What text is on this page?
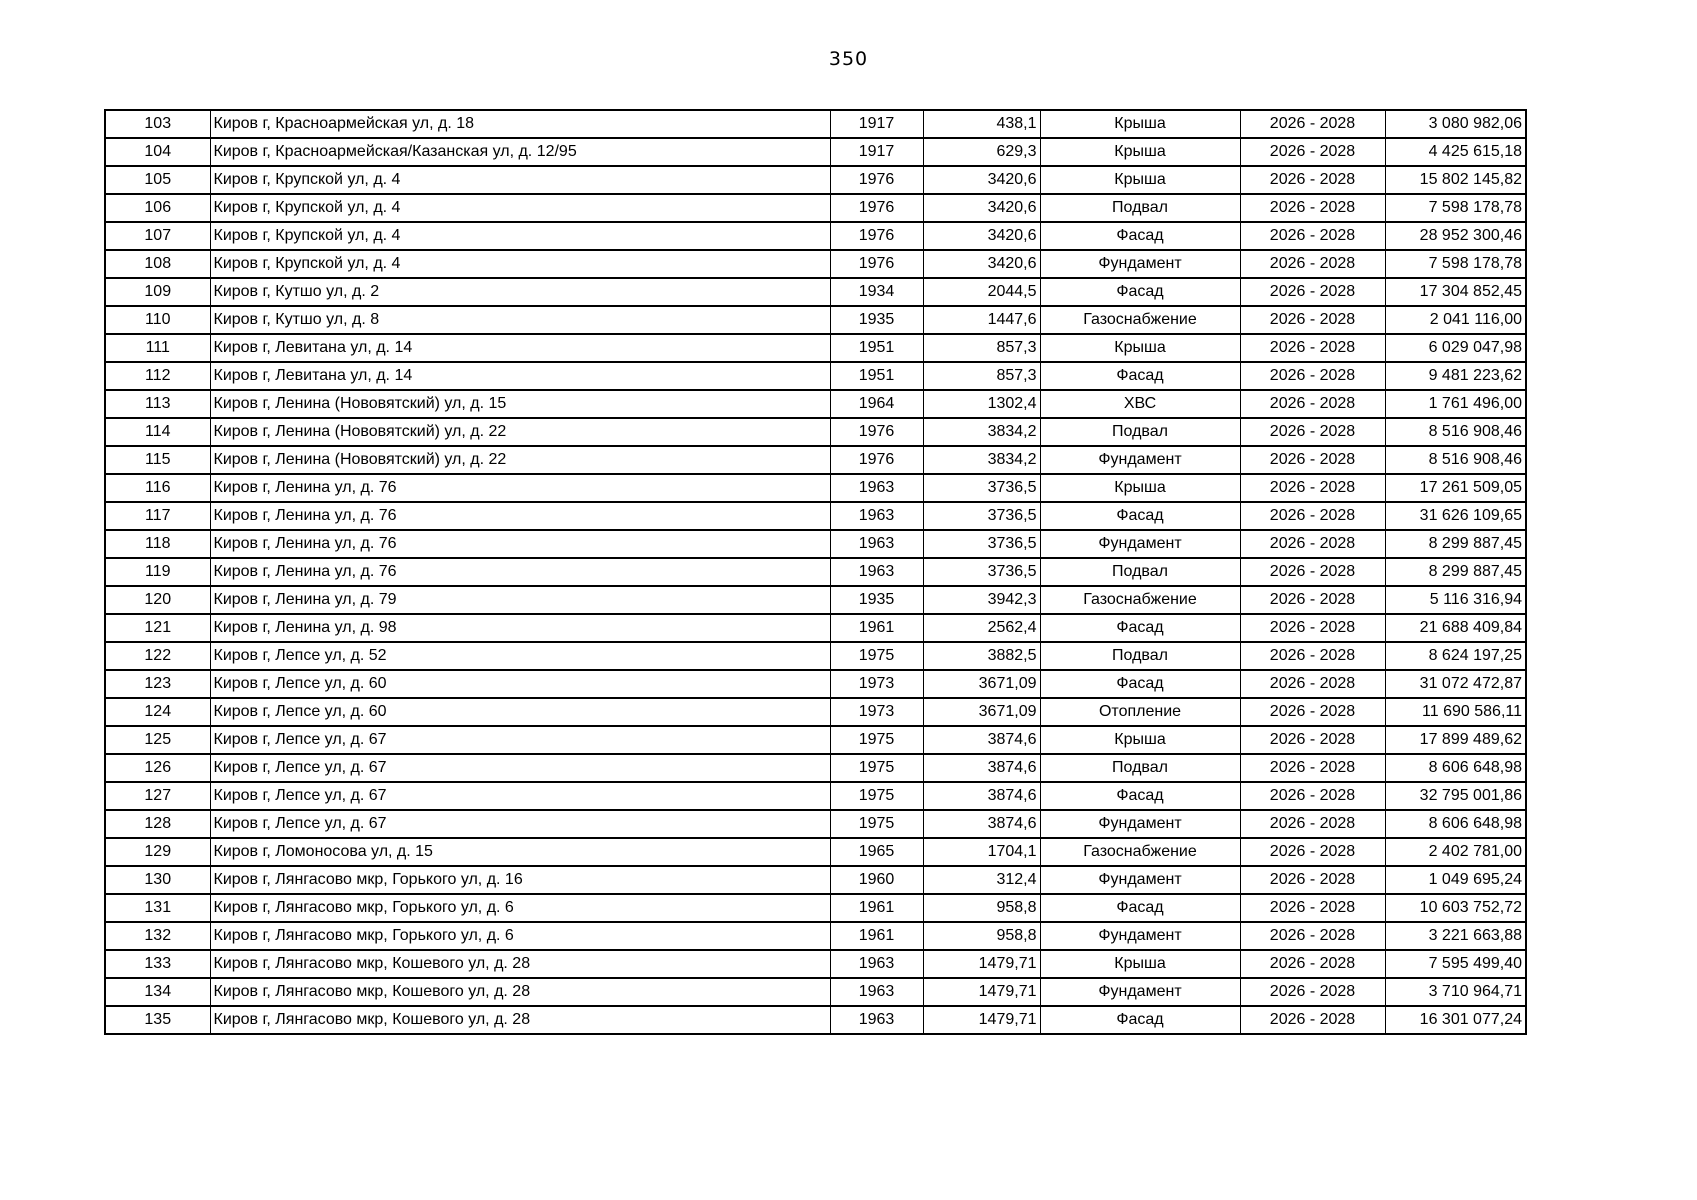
350
103	Киров г, Красноармейская ул, д. 18	1917	438,1	Крыша	2026 - 2028	3 080 982,06
104	Киров г, Красноармейская/Казанская ул, д. 12/95	1917	629,3	Крыша	2026 - 2028	4 425 615,18
105	Киров г, Крупской ул, д. 4	1976	3420,6	Крыша	2026 - 2028	15 802 145,82
106	Киров г, Крупской ул, д. 4	1976	3420,6	Подвал	2026 - 2028	7 598 178,78
107	Киров г, Крупской ул, д. 4	1976	3420,6	Фасад	2026 - 2028	28 952 300,46
108	Киров г, Крупской ул, д. 4	1976	3420,6	Фундамент	2026 - 2028	7 598 178,78
109	Киров г, Кутшо ул, д. 2	1934	2044,5	Фасад	2026 - 2028	17 304 852,45
110	Киров г, Кутшо ул, д. 8	1935	1447,6	Газоснабжение	2026 - 2028	2 041 116,00
111	Киров г, Левитана ул, д. 14	1951	857,3	Крыша	2026 - 2028	6 029 047,98
112	Киров г, Левитана ул, д. 14	1951	857,3	Фасад	2026 - 2028	9 481 223,62
113	Киров г, Ленина (Нововятский) ул, д. 15	1964	1302,4	ХВС	2026 - 2028	1 761 496,00
114	Киров г, Ленина (Нововятский) ул, д. 22	1976	3834,2	Подвал	2026 - 2028	8 516 908,46
115	Киров г, Ленина (Нововятский) ул, д. 22	1976	3834,2	Фундамент	2026 - 2028	8 516 908,46
116	Киров г, Ленина ул, д. 76	1963	3736,5	Крыша	2026 - 2028	17 261 509,05
117	Киров г, Ленина ул, д. 76	1963	3736,5	Фасад	2026 - 2028	31 626 109,65
118	Киров г, Ленина ул, д. 76	1963	3736,5	Фундамент	2026 - 2028	8 299 887,45
119	Киров г, Ленина ул, д. 76	1963	3736,5	Подвал	2026 - 2028	8 299 887,45
120	Киров г, Ленина ул, д. 79	1935	3942,3	Газоснабжение	2026 - 2028	5 116 316,94
121	Киров г, Ленина ул, д. 98	1961	2562,4	Фасад	2026 - 2028	21 688 409,84
122	Киров г, Лепсе ул, д. 52	1975	3882,5	Подвал	2026 - 2028	8 624 197,25
123	Киров г, Лепсе ул, д. 60	1973	3671,09	Фасад	2026 - 2028	31 072 472,87
124	Киров г, Лепсе ул, д. 60	1973	3671,09	Отопление	2026 - 2028	11 690 586,11
125	Киров г, Лепсе ул, д. 67	1975	3874,6	Крыша	2026 - 2028	17 899 489,62
126	Киров г, Лепсе ул, д. 67	1975	3874,6	Подвал	2026 - 2028	8 606 648,98
127	Киров г, Лепсе ул, д. 67	1975	3874,6	Фасад	2026 - 2028	32 795 001,86
128	Киров г, Лепсе ул, д. 67	1975	3874,6	Фундамент	2026 - 2028	8 606 648,98
129	Киров г, Ломоносова ул, д. 15	1965	1704,1	Газоснабжение	2026 - 2028	2 402 781,00
130	Киров г, Лянгасово мкр, Горького ул, д. 16	1960	312,4	Фундамент	2026 - 2028	1 049 695,24
131	Киров г, Лянгасово мкр, Горького ул, д. 6	1961	958,8	Фасад	2026 - 2028	10 603 752,72
132	Киров г, Лянгасово мкр, Горького ул, д. 6	1961	958,8	Фундамент	2026 - 2028	3 221 663,88
133	Киров г, Лянгасово мкр, Кошевого ул, д. 28	1963	1479,71	Крыша	2026 - 2028	7 595 499,40
134	Киров г, Лянгасово мкр, Кошевого ул, д. 28	1963	1479,71	Фундамент	2026 - 2028	3 710 964,71
135	Киров г, Лянгасово мкр, Кошевого ул, д. 28	1963	1479,71	Фасад	2026 - 2028	16 301 077,24
